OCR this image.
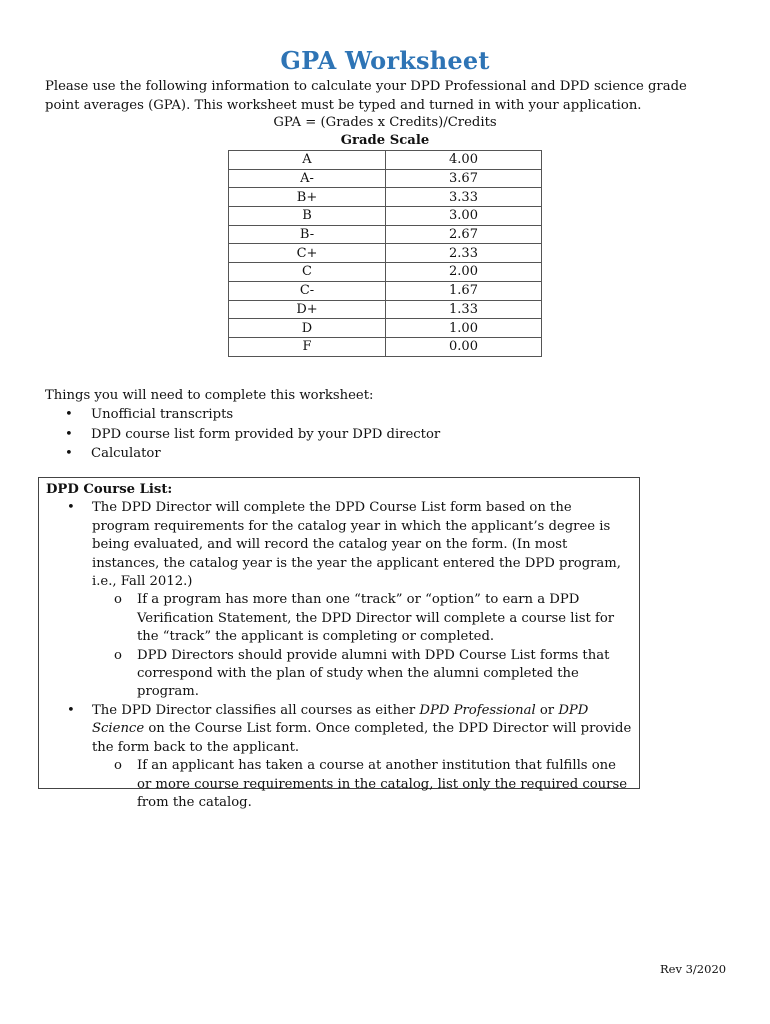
GPA Worksheet
Please use the following information to calculate your DPD Professional and DPD science grade point averages (GPA). This worksheet must be typed and turned in with your application.
GPA = (Grades x Credits)/Credits
Grade Scale
A	4.00
A-	3.67
B+	3.33
B	3.00
B-	2.67
C+	2.33
C	2.00
C-	1.67
D+	1.33
D	1.00
F	0.00
Things you will need to complete this worksheet:
• Unofficial transcripts
• DPD course list form provided by your DPD director
• Calculator
DPD Course List:
• The DPD Director will complete the DPD Course List form based on the program requirements for the catalog year in which the applicant’s degree is being evaluated, and will record the catalog year on the form. (In most instances, the catalog year is the year the applicant entered the DPD program, i.e., Fall 2012.)
o If a program has more than one “track” or “option” to earn a DPD Verification Statement, the DPD Director will complete a course list for the “track” the applicant is completing or completed.
o DPD Directors should provide alumni with DPD Course List forms that correspond with the plan of study when the alumni completed the program.
• The DPD Director classifies all courses as either DPD Professional or DPD Science on the Course List form. Once completed, the DPD Director will provide the form back to the applicant.
o If an applicant has taken a course at another institution that fulfills one or more course requirements in the catalog, list only the required course from the catalog.
Rev 3/2020
